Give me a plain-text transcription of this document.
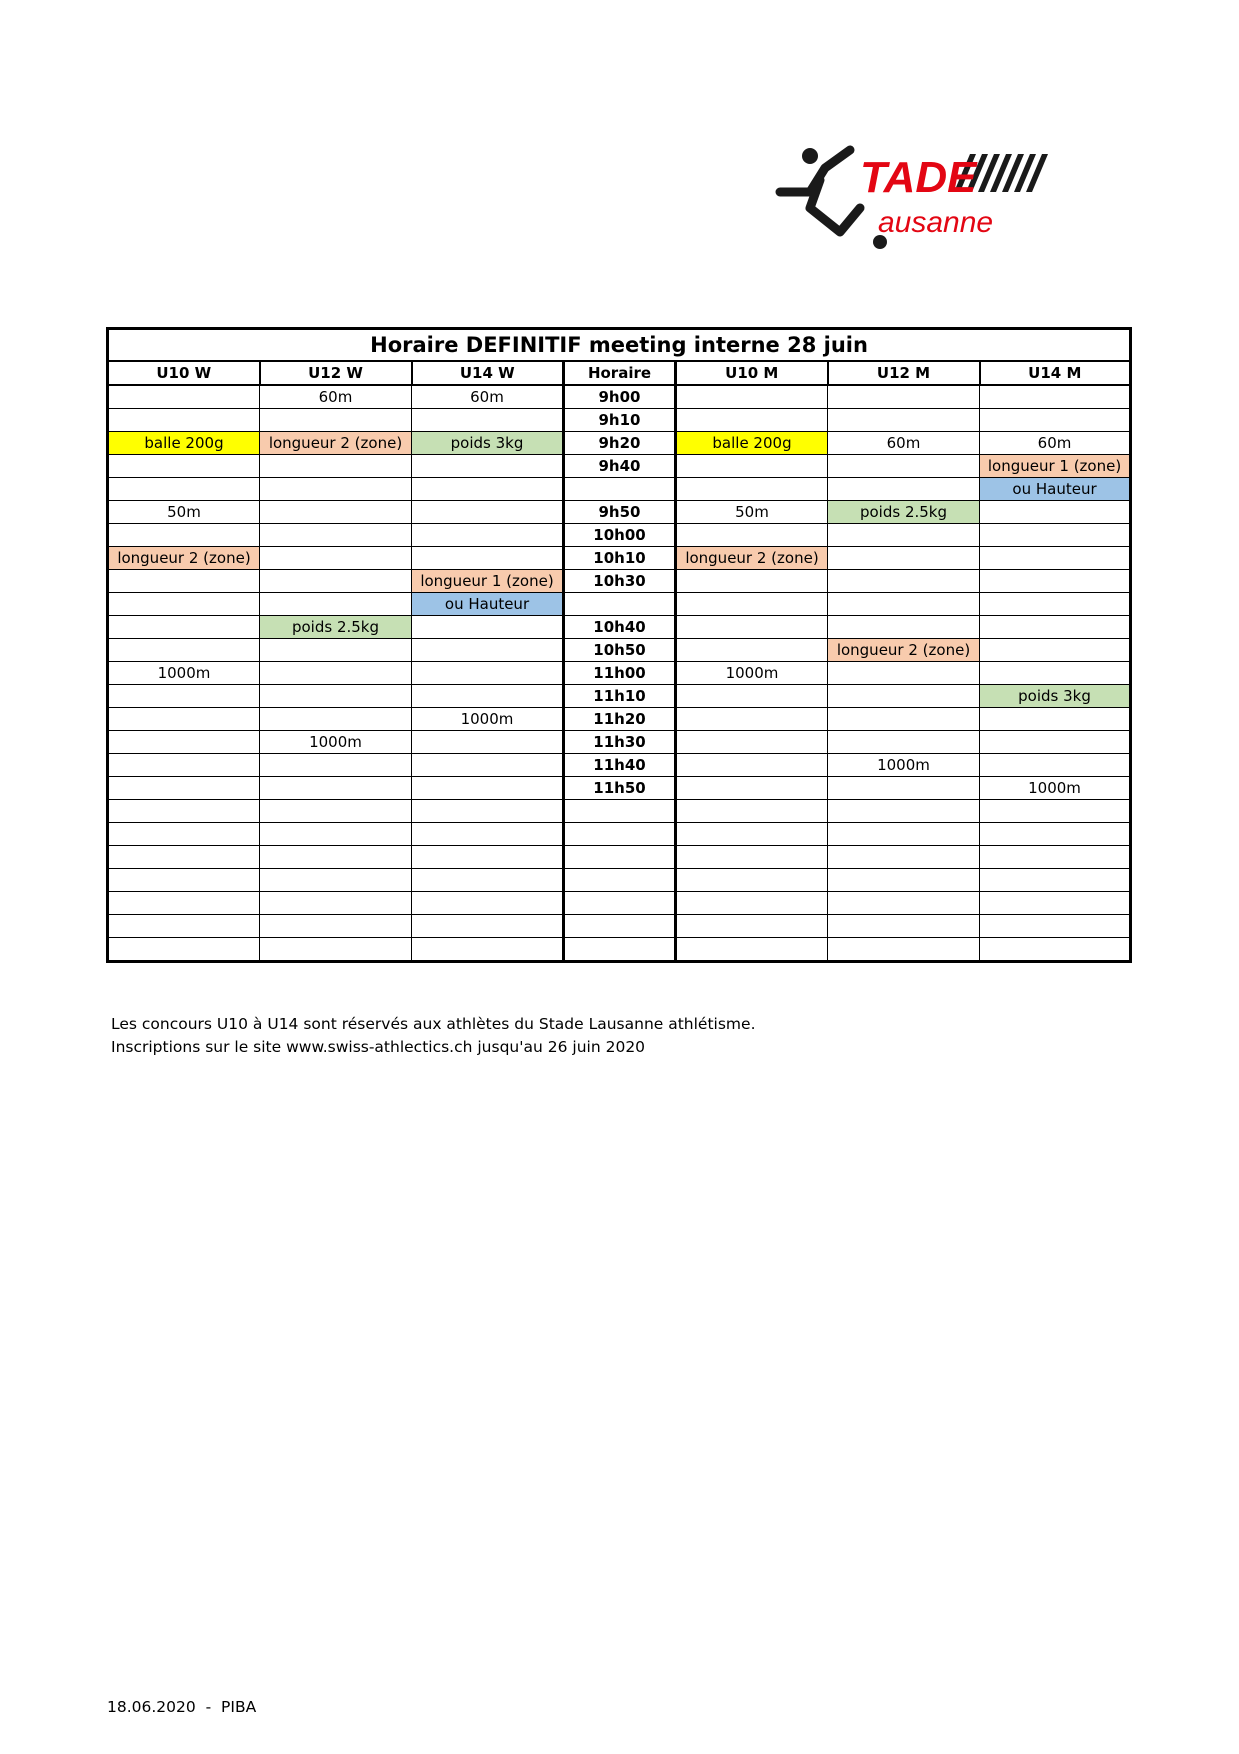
TADE
ausanne
Horaire DEFINITIF meeting interne 28 juin						
U10 W	U12 W	U14 W	Horaire	U10 M	U12 M	U14 M
	60m	60m	9h00			
			9h10			
balle 200g	longueur 2 (zone)	poids 3kg	9h20	balle 200g	60m	60m
			9h40			longueur 1 (zone)
						ou Hauteur
50m			9h50	50m	poids 2.5kg	
			10h00			
longueur 2 (zone)			10h10	longueur 2 (zone)		
		longueur 1 (zone)	10h30			
		ou Hauteur				
	poids 2.5kg		10h40			
			10h50		longueur 2 (zone)	
1000m			11h00	1000m		
			11h10			poids 3kg
		1000m	11h20			
	1000m		11h30			
			11h40		1000m	
			11h50			1000m

Les concours U10 à U14 sont réservés aux athlètes du Stade Lausanne athlétisme.
Inscriptions sur le site www.swiss-athlectics.ch jusqu'au 26 juin 2020
18.06.2020  -  PIBA
